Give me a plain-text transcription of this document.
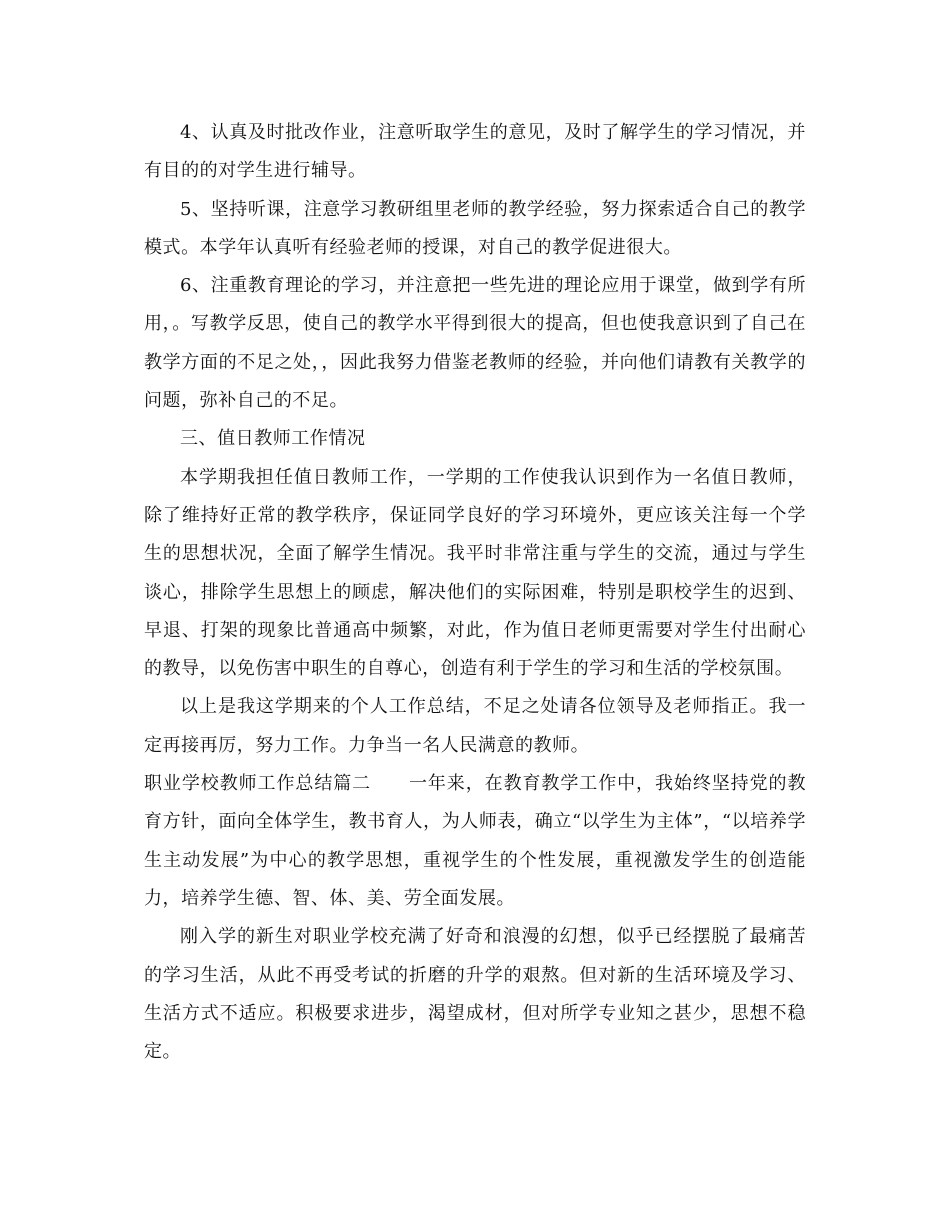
4、认真及时批改作业，注意听取学生的意见，及时了解学生的学习情况，并有目的的对学生进行辅导。

5、坚持听课，注意学习教研组里老师的教学经验，努力探索适合自己的教学模式。本学年认真听有经验老师的授课，对自己的教学促进很大。

6、注重教育理论的学习，并注意把一些先进的理论应用于课堂，做到学有所用，。写教学反思，使自己的教学水平得到很大的提高，但也使我意识到了自己在教学方面的不足之处，，因此我努力借鉴老教师的经验，并向他们请教有关教学的问题，弥补自己的不足。

三、值日教师工作情况

本学期我担任值日教师工作，一学期的工作使我认识到作为一名值日教师，除了维持好正常的教学秩序，保证同学良好的学习环境外，更应该关注每一个学生的思想状况，全面了解学生情况。我平时非常注重与学生的交流，通过与学生谈心，排除学生思想上的顾虑，解决他们的实际困难，特别是职校学生的迟到、早退、打架的现象比普通高中频繁，对此，作为值日老师更需要对学生付出耐心的教导，以免伤害中职生的自尊心，创造有利于学生的学习和生活的学校氛围。

以上是我这学期来的个人工作总结，不足之处请各位领导及老师指正。我一定再接再厉，努力工作。力争当一名人民满意的教师。

职业学校教师工作总结篇二　　一年来，在教育教学工作中，我始终坚持党的教育方针，面向全体学生，教书育人，为人师表，确立“以学生为主体”，“以培养学生主动发展”为中心的教学思想，重视学生的个性发展，重视激发学生的创造能力，培养学生德、智、体、美、劳全面发展。

刚入学的新生对职业学校充满了好奇和浪漫的幻想，似乎已经摆脱了最痛苦的学习生活，从此不再受考试的折磨的升学的艰熬。但对新的生活环境及学习、生活方式不适应。积极要求进步，渴望成材，但对所学专业知之甚少，思想不稳定。
